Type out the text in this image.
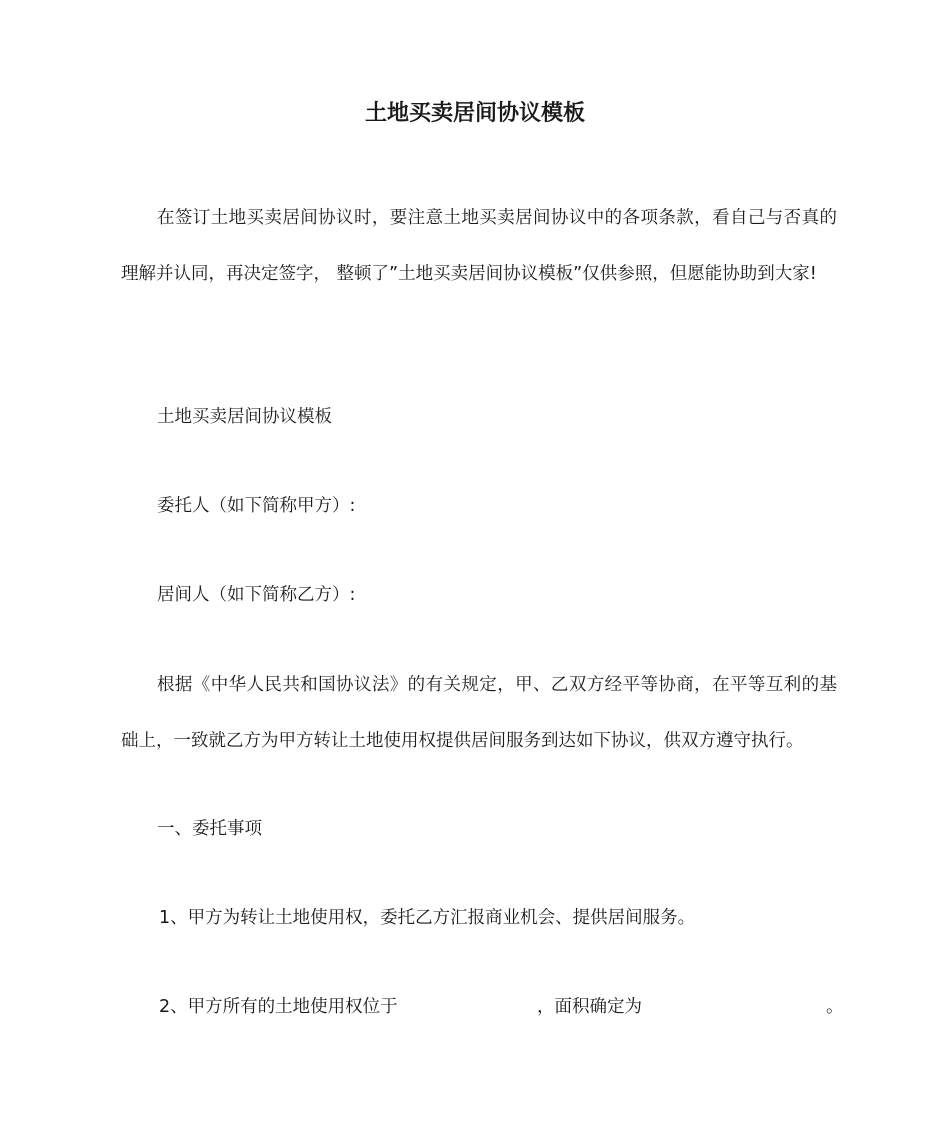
土地买卖居间协议模板

在签订土地买卖居间协议时，要注意土地买卖居间协议中的各项条款，看自己与否真的理解并认同，再决定签字， 整顿了”土地买卖居间协议模板”仅供参照，但愿能协助到大家!

土地买卖居间协议模板
委托人（如下简称甲方）:
居间人（如下简称乙方）:

根据《中华人民共和国协议法》的有关规定，甲、乙双方经平等协商，在平等互利的基础上，一致就乙方为甲方转让土地使用权提供居间服务到达如下协议，供双方遵守执行。

一、委托事项
1、甲方为转让土地使用权，委托乙方汇报商业机会、提供居间服务。
2、甲方所有的土地使用权位于	，面积确定为	。
